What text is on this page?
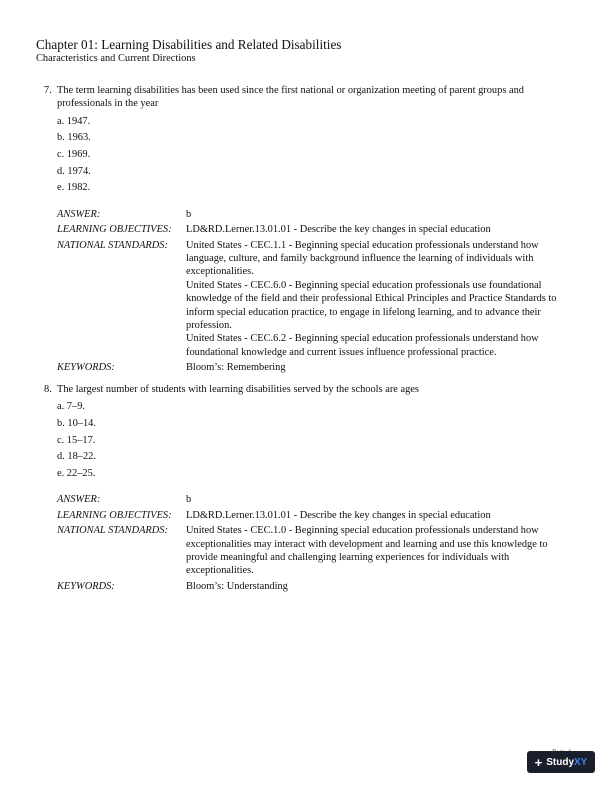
Chapter 01: Learning Disabilities and Related Disabilities
Characteristics and Current Directions
7. The term learning disabilities has been used since the first national or organization meeting of parent groups and professionals in the year
a. 1947.
b. 1963.
c. 1969.
d. 1974.
e. 1982.
ANSWER:	b
LEARNING OBJECTIVES:	LD&RD.Lerner.13.01.01 - Describe the key changes in special education
NATIONAL STANDARDS:	United States - CEC.1.1 - Beginning special education professionals understand how language, culture, and family background influence the learning of individuals with exceptionalities.
United States - CEC.6.0 - Beginning special education professionals use foundational knowledge of the field and their professional Ethical Principles and Practice Standards to inform special education practice, to engage in lifelong learning, and to advance their profession.
United States - CEC.6.2 - Beginning special education professionals understand how foundational knowledge and current issues influence professional practice.
KEYWORDS:	Bloom’s: Remembering
8. The largest number of students with learning disabilities served by the schools are ages
a. 7–9.
b. 10–14.
c. 15–17.
d. 18–22.
e. 22–25.
ANSWER:	b
LEARNING OBJECTIVES:	LD&RD.Lerner.13.01.01 - Describe the key changes in special education
NATIONAL STANDARDS:	United States - CEC.1.0 - Beginning special education professionals understand how exceptionalities may interact with development and learning and use this knowledge to provide meaningful and challenging learning experiences for individuals with exceptionalities.
KEYWORDS:	Bloom’s: Understanding
+ Study XY
